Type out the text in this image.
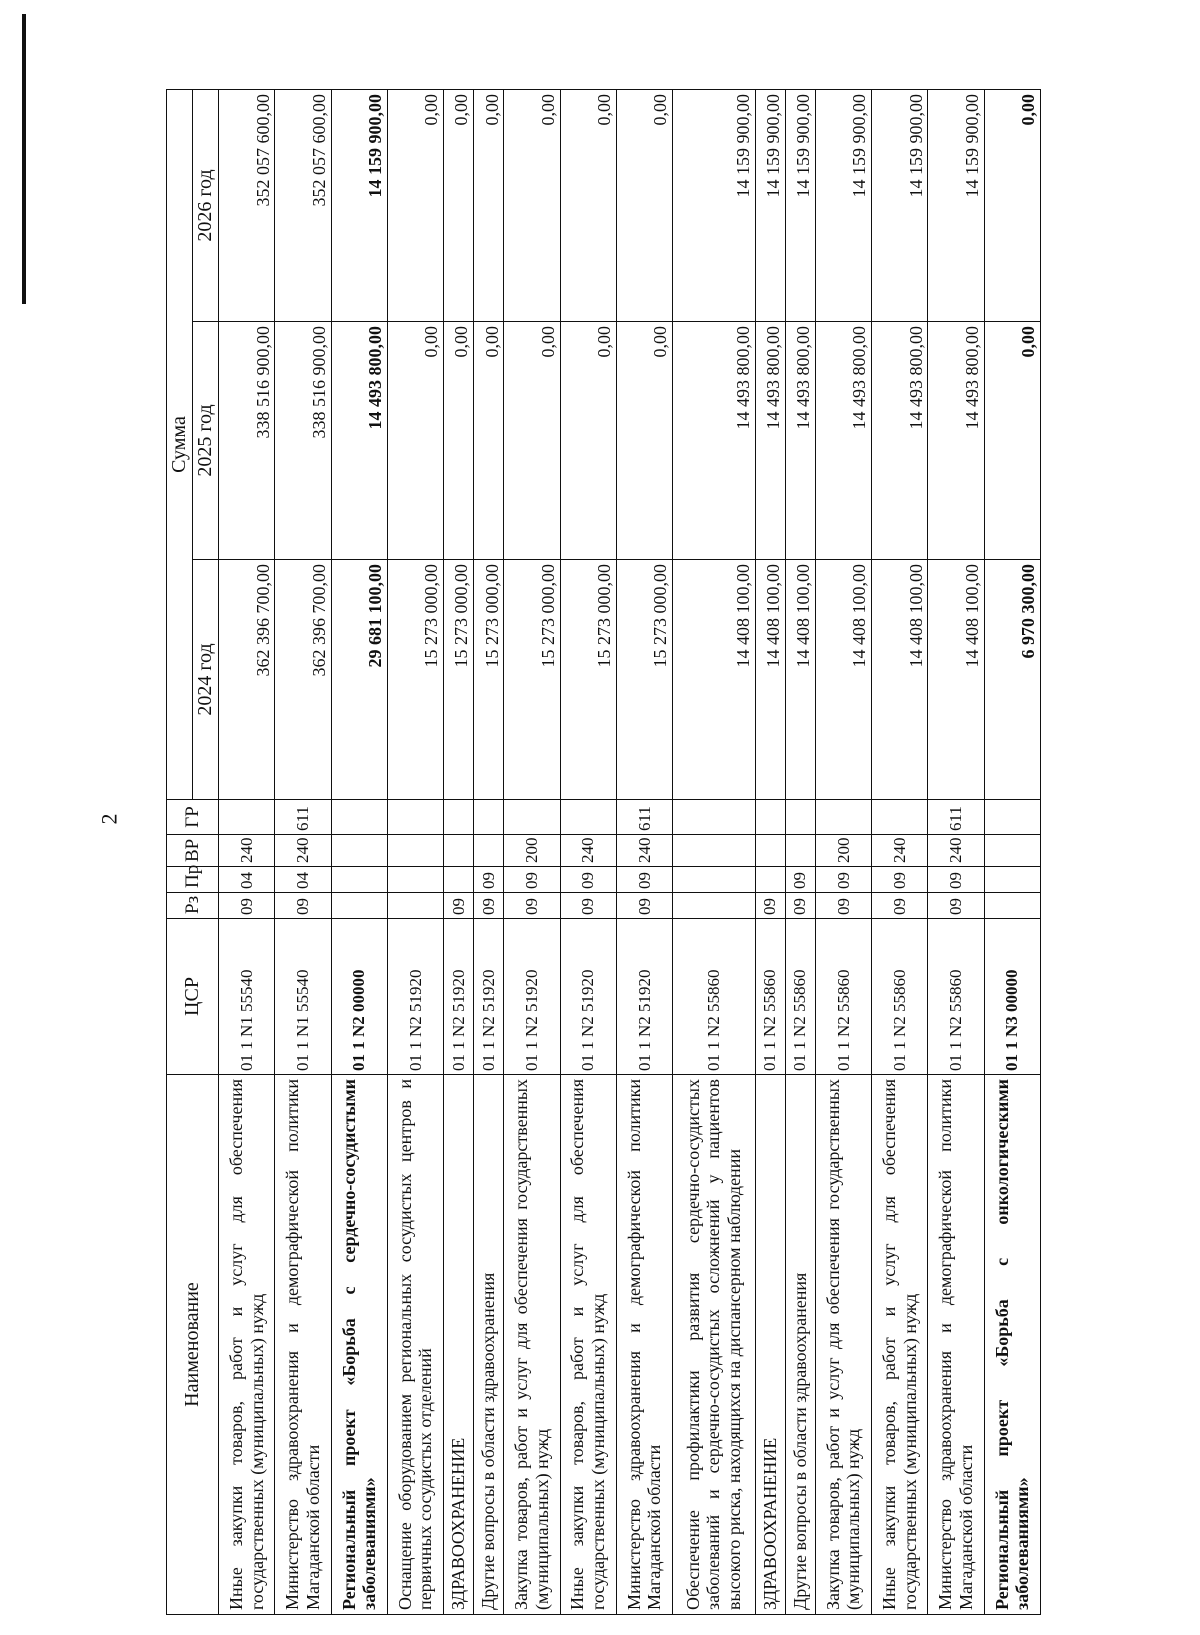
2
Наименование	ЦСР	Рз	Пр	ВР	ГР	Сумма		
						2024 год	2025 год	2026 год
Иные закупки товаров, работ и услуг для обеспечения государственных (муниципальных) нужд	01 1 N1 55540	09	04	240		362 396 700,00	338 516 900,00	352 057 600,00
Министерство здравоохранения и демографической политики Магаданской области	01 1 N1 55540	09	04	240	611	362 396 700,00	338 516 900,00	352 057 600,00
Региональный проект «Борьба с сердечно-сосудистыми заболеваниями»	01 1 N2 00000					29 681 100,00	14 493 800,00	14 159 900,00
Оснащение оборудованием региональных сосудистых центров и первичных сосудистых отделений	01 1 N2 51920					15 273 000,00	0,00	0,00
ЗДРАВООХРАНЕНИЕ	01 1 N2 51920	09				15 273 000,00	0,00	0,00
Другие вопросы в области здравоохранения	01 1 N2 51920	09	09			15 273 000,00	0,00	0,00
Закупка товаров, работ и услуг для обеспечения государственных (муниципальных) нужд	01 1 N2 51920	09	09	200		15 273 000,00	0,00	0,00
Иные закупки товаров, работ и услуг для обеспечения государственных (муниципальных) нужд	01 1 N2 51920	09	09	240		15 273 000,00	0,00	0,00
Министерство здравоохранения и демографической политики Магаданской области	01 1 N2 51920	09	09	240	611	15 273 000,00	0,00	0,00
Обеспечение профилактики развития сердечно-сосудистых заболеваний и сердечно-сосудистых осложнений у пациентов высокого риска, находящихся на диспансерном наблюдении	01 1 N2 55860					14 408 100,00	14 493 800,00	14 159 900,00
ЗДРАВООХРАНЕНИЕ	01 1 N2 55860	09				14 408 100,00	14 493 800,00	14 159 900,00
Другие вопросы в области здравоохранения	01 1 N2 55860	09	09			14 408 100,00	14 493 800,00	14 159 900,00
Закупка товаров, работ и услуг для обеспечения государственных (муниципальных) нужд	01 1 N2 55860	09	09	200		14 408 100,00	14 493 800,00	14 159 900,00
Иные закупки товаров, работ и услуг для обеспечения государственных (муниципальных) нужд	01 1 N2 55860	09	09	240		14 408 100,00	14 493 800,00	14 159 900,00
Министерство здравоохранения и демографической политики Магаданской области	01 1 N2 55860	09	09	240	611	14 408 100,00	14 493 800,00	14 159 900,00
Региональный проект «Борьба с онкологическими заболеваниями»	01 1 N3 00000					6 970 300,00	0,00	0,00
